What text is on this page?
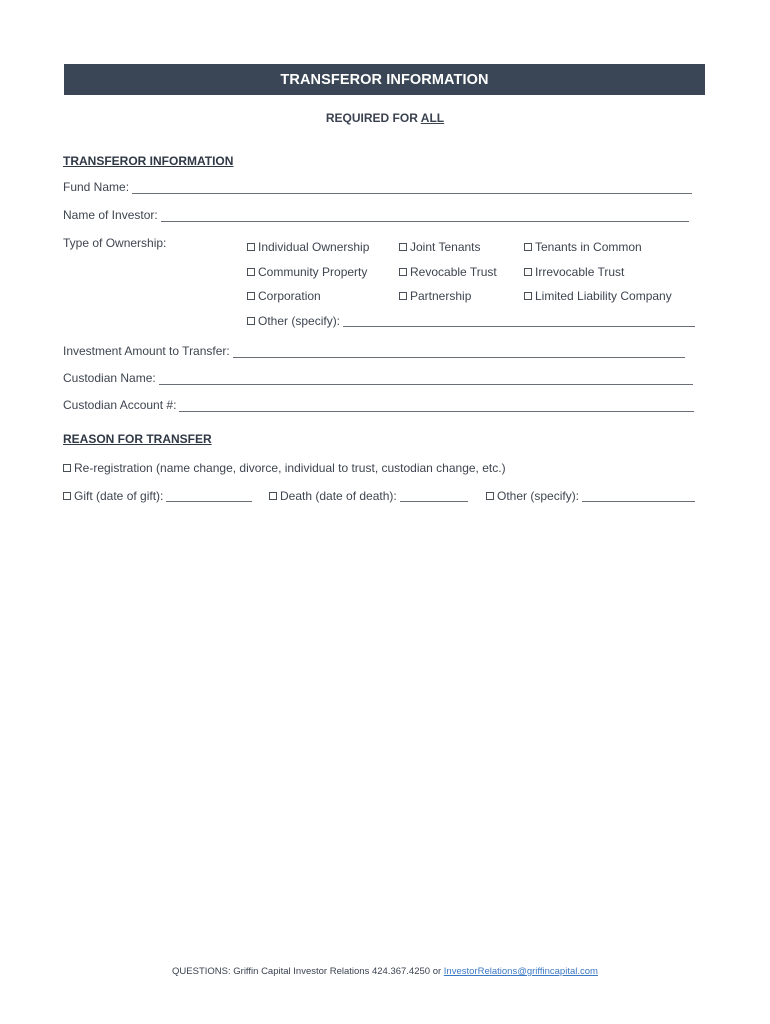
TRANSFEROR INFORMATION
REQUIRED FOR ALL
TRANSFEROR INFORMATION
Fund Name:
Name of Investor:
Type of Ownership:	Individual Ownership	Joint Tenants	Tenants in Common
Community Property	Revocable Trust	Irrevocable Trust
Corporation	Partnership	Limited Liability Company
Other (specify):
Investment Amount to Transfer:
Custodian Name:
Custodian Account #:
REASON FOR TRANSFER
Re-registration (name change, divorce, individual to trust, custodian change, etc.)
Gift (date of gift):	Death (date of death):	Other (specify):
QUESTIONS: Griffin Capital Investor Relations 424.367.4250 or InvestorRelations@griffincapital.com
